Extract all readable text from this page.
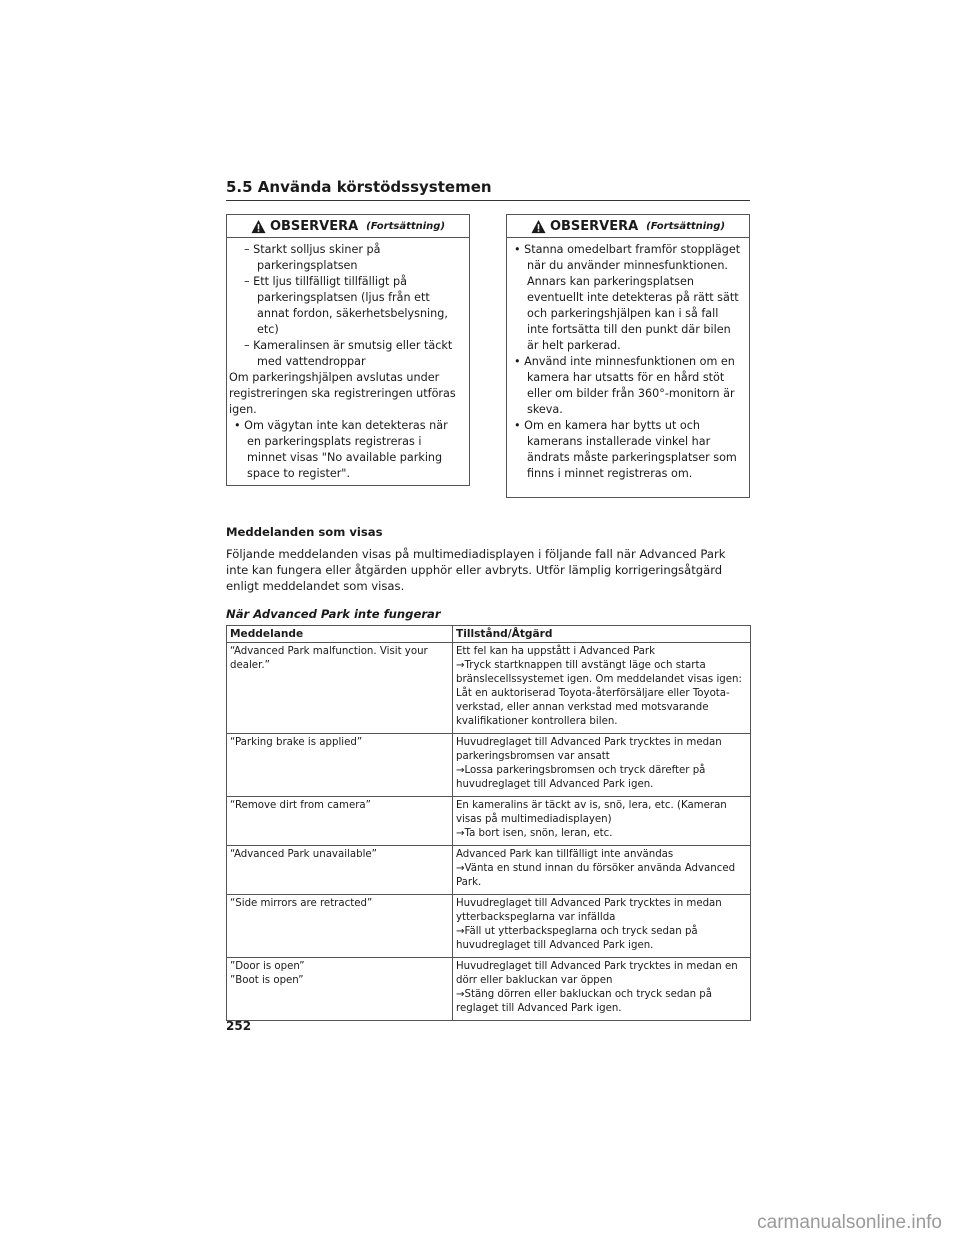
5.5 Använda körstödssystemen
OBSERVERA (Fortsättning)
– Starkt solljus skiner på parkeringsplatsen
– Ett ljus tillfälligt tillfälligt på parkeringsplatsen (ljus från ett annat fordon, säkerhetsbelysning, etc)
– Kameralinsen är smutsig eller täckt med vattendroppar
Om parkeringshjälpen avslutas under registreringen ska registreringen utföras igen.
• Om vägytan inte kan detekteras när en parkeringsplats registreras i minnet visas "No available parking space to register".
OBSERVERA (Fortsättning)
• Stanna omedelbart framför stoppläget när du använder minnesfunktionen. Annars kan parkeringsplatsen eventuellt inte detekteras på rätt sätt och parkeringshjälpen kan i så fall inte fortsätta till den punkt där bilen är helt parkerad.
• Använd inte minnesfunktionen om en kamera har utsatts för en hård stöt eller om bilder från 360°-monitorn är skeva.
• Om en kamera har bytts ut och kamerans installerade vinkel har ändrats måste parkeringsplatser som finns i minnet registreras om.
Meddelanden som visas
Följande meddelanden visas på multimediadisplayen i följande fall när Advanced Park inte kan fungera eller åtgärden upphör eller avbryts. Utför lämplig korrigeringsåtgärd enligt meddelandet som visas.
När Advanced Park inte fungerar
Meddelande	Tillstånd/Åtgärd
“Advanced Park malfunction. Visit your dealer.”	Ett fel kan ha uppstått i Advanced Park
→Tryck startknappen till avstängt läge och starta bränslecellssystemet igen. Om meddelandet visas igen: Låt en auktoriserad Toyota-återförsäljare eller Toyota-verkstad, eller annan verkstad med motsvarande kvalifikationer kontrollera bilen.

“Parking brake is applied”	Huvudreglaget till Advanced Park trycktes in medan parkeringsbromsen var ansatt
→Lossa parkeringsbromsen och tryck därefter på huvudreglaget till Advanced Park igen.

“Remove dirt from camera”	En kameralins är täckt av is, snö, lera, etc. (Kameran visas på multimediadisplayen)
→Ta bort isen, snön, leran, etc.

“Advanced Park unavailable”	Advanced Park kan tillfälligt inte användas
→Vänta en stund innan du försöker använda Advanced Park.

“Side mirrors are retracted”	Huvudreglaget till Advanced Park trycktes in medan ytterbackspeglarna var infällda
→Fäll ut ytterbackspeglarna och tryck sedan på huvudreglaget till Advanced Park igen.

”Door is open”
”Boot is open”	Huvudreglaget till Advanced Park trycktes in medan en dörr eller bakluckan var öppen
→Stäng dörren eller bakluckan och tryck sedan på reglaget till Advanced Park igen.
252
carmanualsonline.info
